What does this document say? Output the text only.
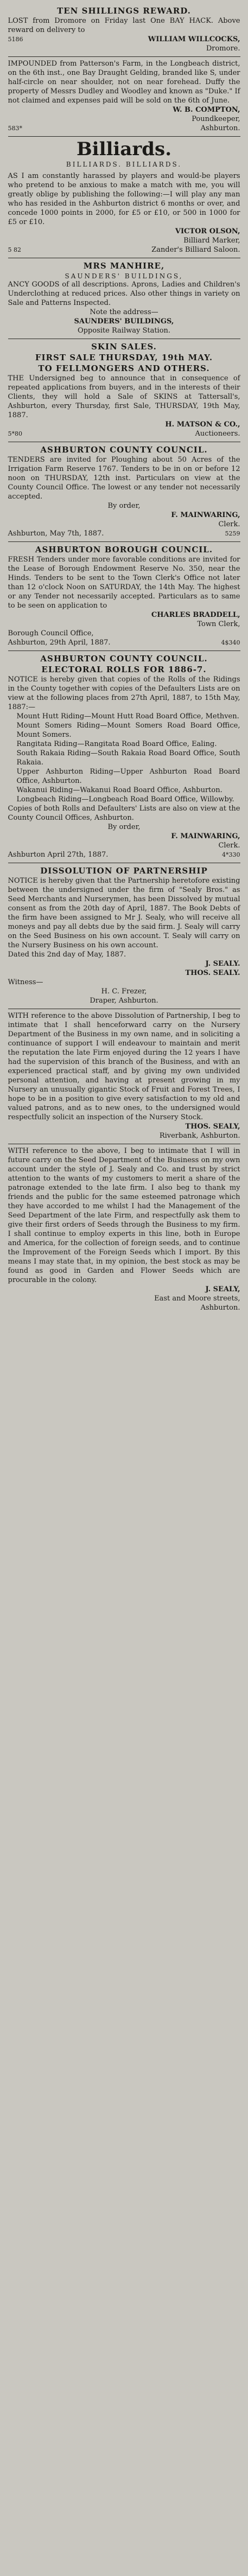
TEN SHILLINGS REWARD.
LOST from Dromore on Friday last One BAY HACK. Above reward on delivery to
5186	WILLIAM WILLCOCKS,
Dromore.
IMPOUNDED from Patterson's Farm, in the Longbeach district, on the 6th inst., one Bay Draught Gelding, branded like S, under half-circle on near shoulder, not on near forehead. Duffy the property of Messrs Dudley and Woodley and known as "Duke." If not claimed and expenses paid will be sold on the 6th of June.
W. B. COMPTON,
Poundkeeper,
583*	Ashburton.
Billiards.
BILLIARDS. BILLIARDS.
AS I am constantly harassed by players and would-be players who pretend to be anxious to make a match with me, you will greatly oblige by publishing the following:—I will play any man who has resided in the Ashburton district 6 months or over, and concede 1000 points in 2000, for £5 or £10, or 500 in 1000 for £5 or £10.
VICTOR OLSON,
Billiard Marker,
5 82	Zander's Billiard Saloon.
MRS MANHIRE,
SAUNDERS' BUILDINGS,
ANCY GOODS of all descriptions. Aprons, Ladies and Children's Underclothing at reduced prices. Also other things in variety on Sale and Patterns Inspected.
Note the address—
SAUNDERS' BUILDINGS,
Opposite Railway Station.
SKIN SALES.
FIRST SALE THURSDAY, 19th MAY.
TO FELLMONGERS AND OTHERS.
THE Undersigned beg to announce that in consequence of repeated applications from buyers, and in the interests of their Clients, they will hold a Sale of SKINS at Tattersall's, Ashburton, every Thursday, first Sale, THURSDAY, 19th May, 1887.
H. MATSON & CO.,
5*80	Auctioneers.
ASHBURTON COUNTY COUNCIL.
TENDERS are invited for Ploughing about 50 Acres of the Irrigation Farm Reserve 1767. Tenders to be in on or before 12 noon on THURSDAY, 12th inst. Particulars on view at the County Council Office. The lowest or any tender not necessarily accepted.
By order,
F. MAINWARING,
Clerk.
Ashburton, May 7th, 1887.	5259
ASHBURTON BOROUGH COUNCIL.
FRESH Tenders under more favorable conditions are invited for the Lease of Borough Endowment Reserve No. 350, near the Hinds. Tenders to be sent to the Town Clerk's Office not later than 12 o'clock Noon on SATURDAY, the 14th May. The highest or any Tender not necessarily accepted. Particulars as to same to be seen on application to
CHARLES BRADDELL,
Town Clerk,
Borough Council Office,
Ashburton, 29th April, 1887.	4$340
ASHBURTON COUNTY COUNCIL.
ELECTORAL ROLLS FOR 1886-7.
NOTICE is hereby given that copies of the Rolls of the Ridings in the County together with copies of the Defaulters Lists are on view at the following places from 27th April, 1887, to 15th May, 1887:—
Mount Hutt Riding—Mount Hutt Road Board Office, Methven.
Mount Somers Riding—Mount Somers Road Board Office, Mount Somers.
Rangitata Riding—Rangitata Road Board Office, Ealing.
South Rakaia Riding—South Rakaia Road Board Office, South Rakaia.
Upper Ashburton Riding—Upper Ashburton Road Board Office, Ashburton.
Wakanui Riding—Wakanui Road Board Office, Ashburton.
Longbeach Riding—Longbeach Road Board Office, Willowby.
Copies of both Rolls and Defaulters' Lists are also on view at the County Council Offices, Ashburton.
By order,
F. MAINWARING,
Clerk.
Ashburton April 27th, 1887.	4*330
DISSOLUTION OF PARTNERSHIP
NOTICE is hereby given that the Partnership heretofore existing between the undersigned under the firm of "Sealy Bros." as Seed Merchants and Nurserymen, has been Dissolved by mutual consent as from the 20th day of April, 1887. The Book Debts of the firm have been assigned to Mr J. Sealy, who will receive all moneys and pay all debts due by the said firm. J. Sealy will carry on the Seed Business on his own account. T. Sealy will carry on the Nursery Business on his own account.
Dated this 2nd day of May, 1887.
J. SEALY.
THOS. SEALY.
Witness—
H. C. Frezer,
Draper, Ashburton.
WITH reference to the above Dissolution of Partnership, I beg to intimate that I shall henceforward carry on the Nursery Department of the Business in my own name, and in soliciting a continuance of support I will endeavour to maintain and merit the reputation the late Firm enjoyed during the 12 years I have had the supervision of this branch of the Business, and with an experienced practical staff, and by giving my own undivided personal attention, and having at present growing in my Nursery an unusually gigantic Stock of Fruit and Forest Trees, I hope to be in a position to give every satisfaction to my old and valued patrons, and as to new ones, to the undersigned would respectfully solicit an inspection of the Nursery Stock.
THOS. SEALY,
Riverbank, Ashburton.
WITH reference to the above, I beg to intimate that I will in future carry on the Seed Department of the Business on my own account under the style of J. Sealy and Co. and trust by strict attention to the wants of my customers to merit a share of the patronage extended to the late firm. I also beg to thank my friends and the public for the same esteemed patronage which they have accorded to me whilst I had the Management of the Seed Department of the late Firm, and respectfully ask them to give their first orders of Seeds through the Business to my firm. I shall continue to employ experts in this line, both in Europe and America, for the collection of foreign seeds, and to continue the Improvement of the Foreign Seeds which I import. By this means I may state that, in my opinion, the best stock as may be found as good in Garden and Flower Seeds which are procurable in the colony.
J. SEALY,
East and Moore streets,
Ashburton.
